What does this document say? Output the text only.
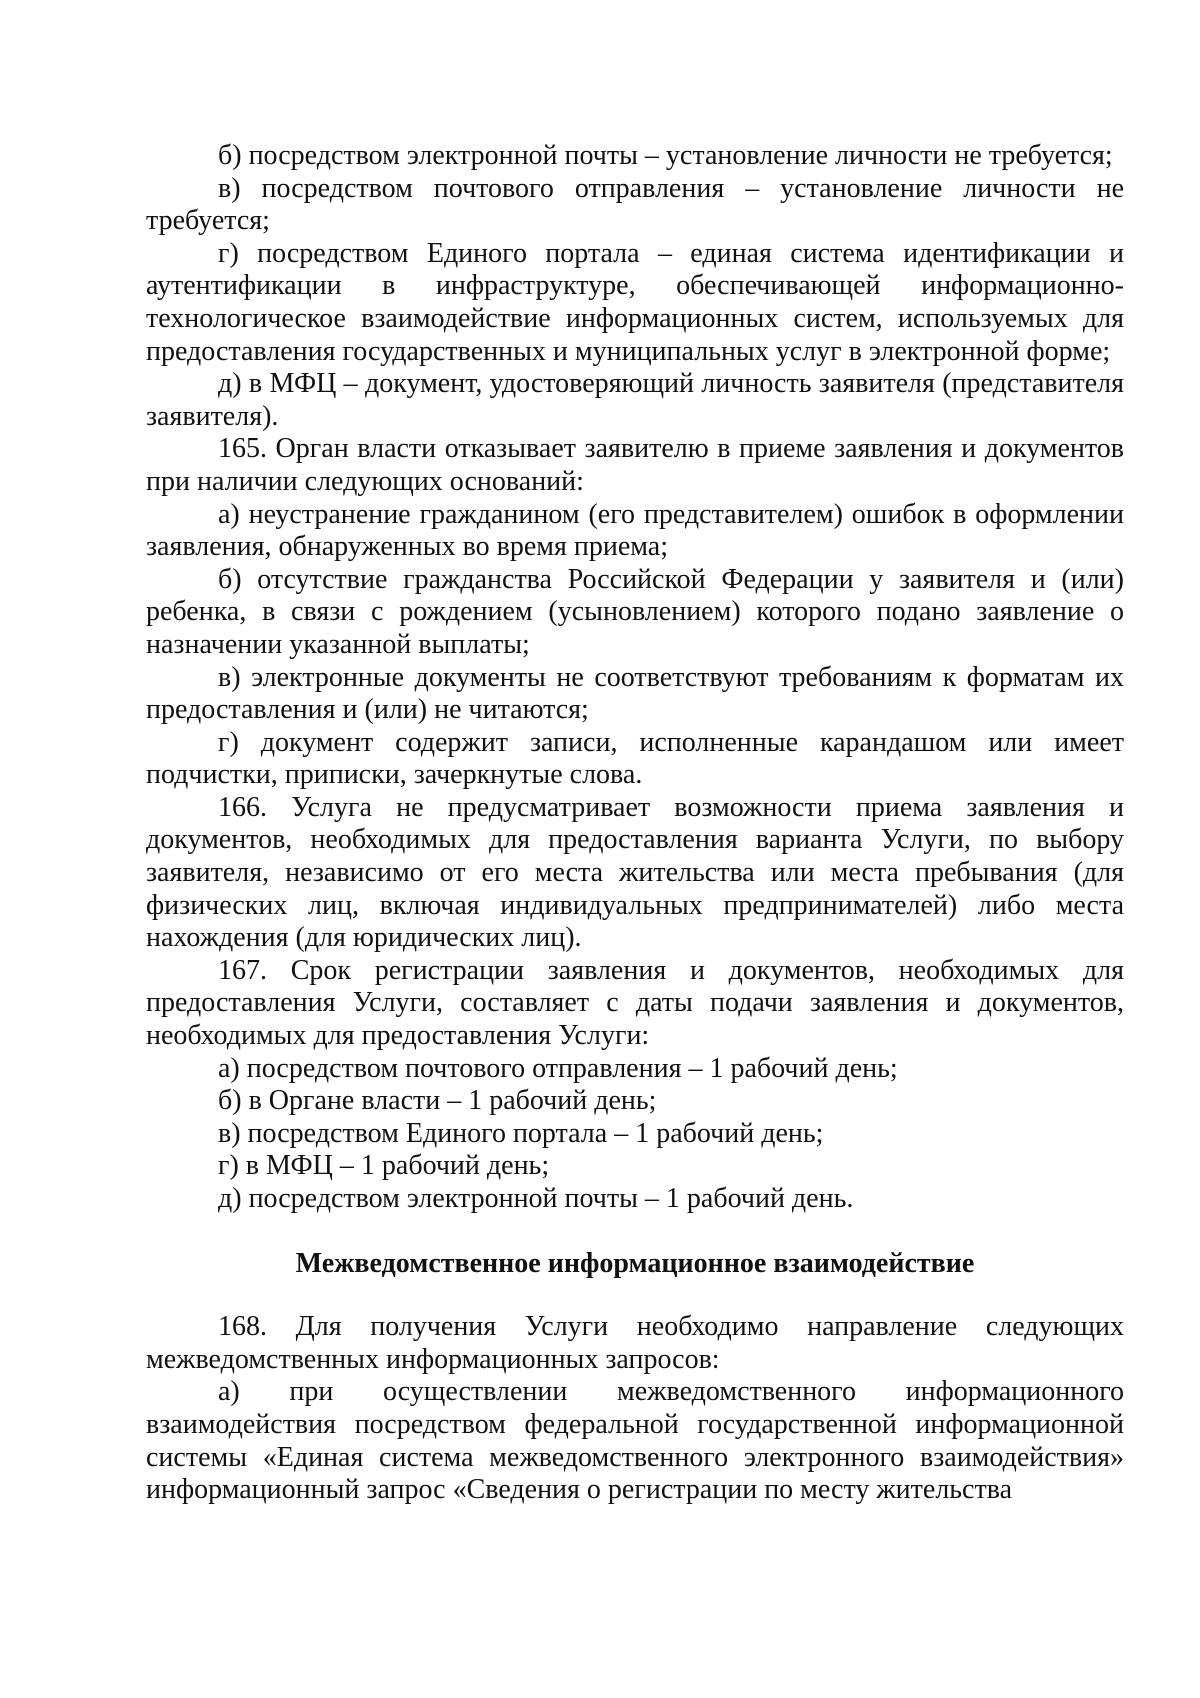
б) посредством электронной почты – установление личности не требуется;

в) посредством почтового отправления – установление личности не требуется;

г) посредством Единого портала – единая система идентификации и аутентификации в инфраструктуре, обеспечивающей информационно-технологическое взаимодействие информационных систем, используемых для предоставления государственных и муниципальных услуг в электронной форме;

д) в МФЦ – документ, удостоверяющий личность заявителя (представителя заявителя).

165. Орган власти отказывает заявителю в приеме заявления и документов при наличии следующих оснований:

а) неустранение гражданином (его представителем) ошибок в оформлении заявления, обнаруженных во время приема;

б) отсутствие гражданства Российской Федерации у заявителя и (или) ребенка, в связи с рождением (усыновлением) которого подано заявление о назначении указанной выплаты;

в) электронные документы не соответствуют требованиям к форматам их предоставления и (или) не читаются;

г) документ содержит записи, исполненные карандашом или имеет подчистки, приписки, зачеркнутые слова.

166. Услуга не предусматривает возможности приема заявления и документов, необходимых для предоставления варианта Услуги, по выбору заявителя, независимо от его места жительства или места пребывания (для физических лиц, включая индивидуальных предпринимателей) либо места нахождения (для юридических лиц).

167. Срок регистрации заявления и документов, необходимых для предоставления Услуги, составляет с даты подачи заявления и документов, необходимых для предоставления Услуги:

а) посредством почтового отправления – 1 рабочий день;

б) в Органе власти – 1 рабочий день;

в) посредством Единого портала – 1 рабочий день;

г) в МФЦ – 1 рабочий день;

д) посредством электронной почты – 1 рабочий день.

Межведомственное информационное взаимодействие

168. Для получения Услуги необходимо направление следующих межведомственных информационных запросов:

а) при осуществлении межведомственного информационного взаимодействия посредством федеральной государственной информационной системы «Единая система межведомственного электронного взаимодействия» информационный запрос «Сведения о регистрации по месту жительства
